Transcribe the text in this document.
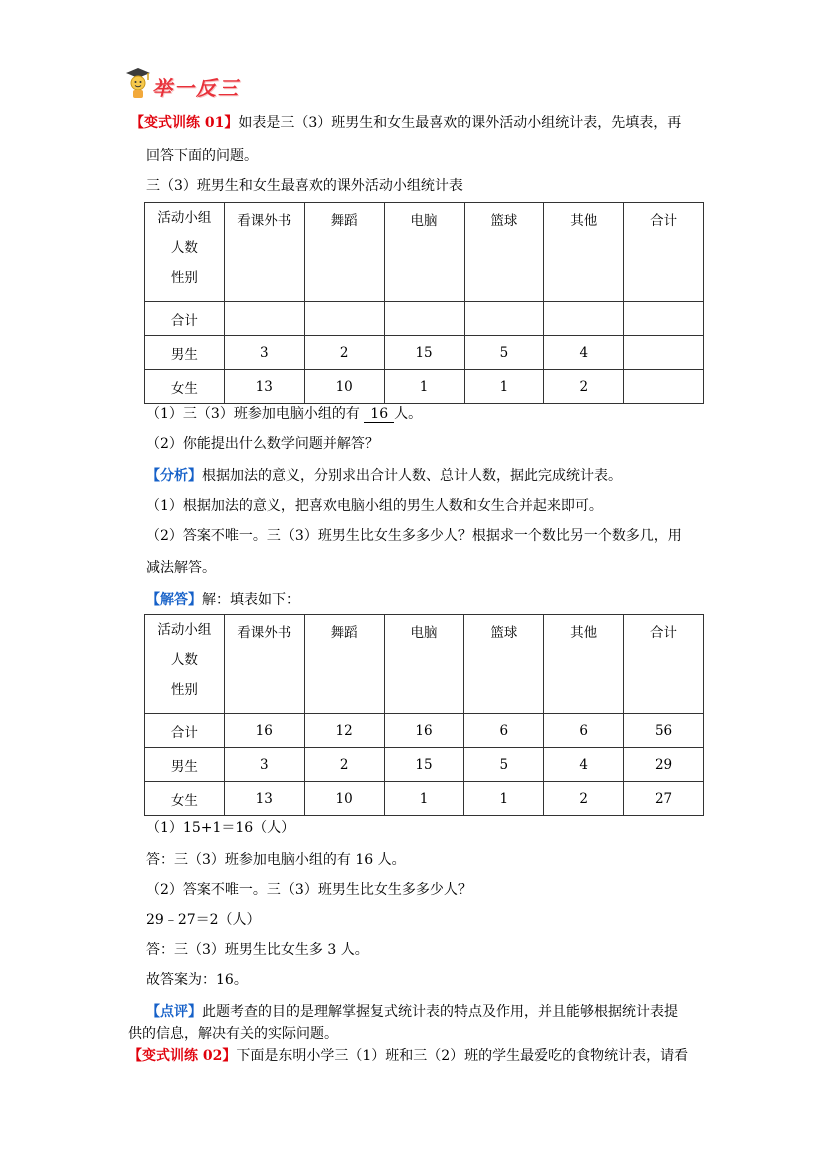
举一反三
【变式训练 01】如表是三（3）班男生和女生最喜欢的课外活动小组统计表，先填表，再
回答下面的问题。
三（3）班男生和女生最喜欢的课外活动小组统计表
活动小组
人数
性别	看课外书	舞蹈	电脑	篮球	其他	合计
合计						
男生	3	2	15	5	4	
女生	13	10	1	1	2	
（1）三（3）班参加电脑小组的有 16 人。
（2）你能提出什么数学问题并解答？
【分析】根据加法的意义，分别求出合计人数、总计人数，据此完成统计表。
（1）根据加法的意义，把喜欢电脑小组的男生人数和女生合并起来即可。
（2）答案不唯一。三（3）班男生比女生多多少人？根据求一个数比另一个数多几，用
减法解答。
【解答】解：填表如下：
活动小组
人数
性别	看课外书	舞蹈	电脑	篮球	其他	合计
合计	16	12	16	6	6	56
男生	3	2	15	5	4	29
女生	13	10	1	1	2	27
（1）15+1＝16（人）
答：三（3）班参加电脑小组的有 16 人。
（2）答案不唯一。三（3）班男生比女生多多少人？
29﹣27＝2（人）
答：三（3）班男生比女生多 3 人。
故答案为：16。
【点评】此题考查的目的是理解掌握复式统计表的特点及作用，并且能够根据统计表提
供的信息，解决有关的实际问题。
【变式训练 02】下面是东明小学三（1）班和三（2）班的学生最爱吃的食物统计表，请看
